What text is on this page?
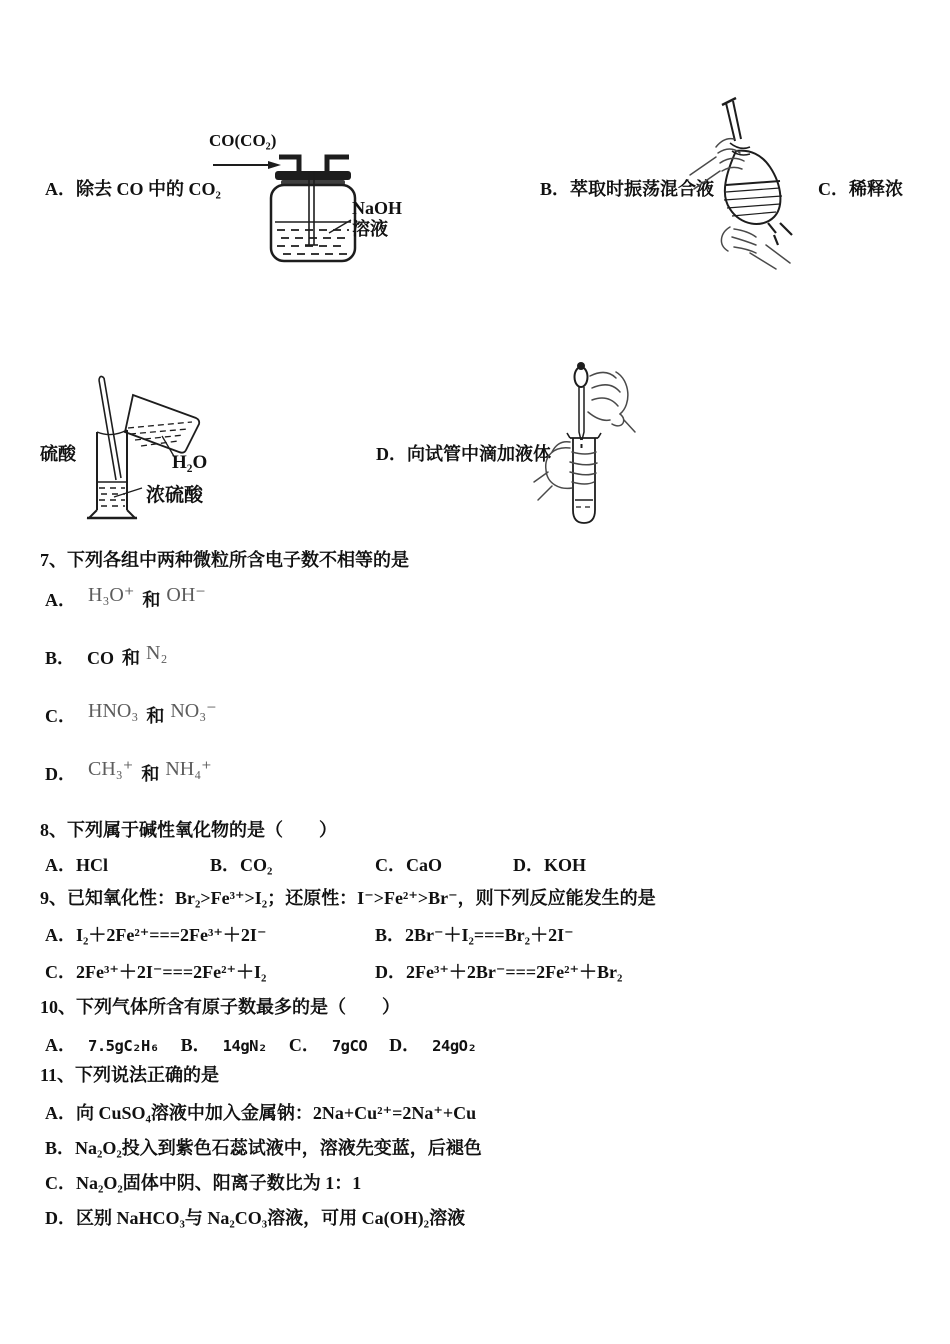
A．除去 CO 中的 CO₂	B．萃取时振荡混合液	C．稀释浓
硫酸	D．向试管中滴加液体
CO(CO₂)
NaOH
溶液
H₂O
浓硫酸
7、下列各组中两种微粒所含电子数不相等的是
A． H₃O⁺ 和 OH⁻
B． CO 和 N₂
C． HNO₃ 和 NO₃⁻
D． CH₃⁺ 和 NH₄⁺
8、下列属于碱性氧化物的是（　　）
A．HCl	B．CO₂	C．CaO	D．KOH
9、已知氧化性：Br₂>Fe³⁺>I₂；还原性：I⁻>Fe²⁺>Br⁻，则下列反应能发生的是
A．I₂＋2Fe²⁺===2Fe³⁺＋2I⁻	B．2Br⁻＋I₂===Br₂＋2I⁻
C．2Fe³⁺＋2I⁻===2Fe²⁺＋I₂	D．2Fe³⁺＋2Br⁻===2Fe²⁺＋Br₂
10、下列气体所含有原子数最多的是（　　）
A． 7.5gC₂H₆ B． 14gN₂ C． 7gCO D． 24gO₂
11、下列说法正确的是
A．向 CuSO₄溶液中加入金属钠：2Na+Cu²⁺=2Na⁺+Cu
B．Na₂O₂投入到紫色石蕊试液中，溶液先变蓝，后褪色
C．Na₂O₂固体中阴、阳离子数比为 1：1
D．区别 NaHCO₃与 Na₂CO₃溶液，可用 Ca(OH)₂溶液
